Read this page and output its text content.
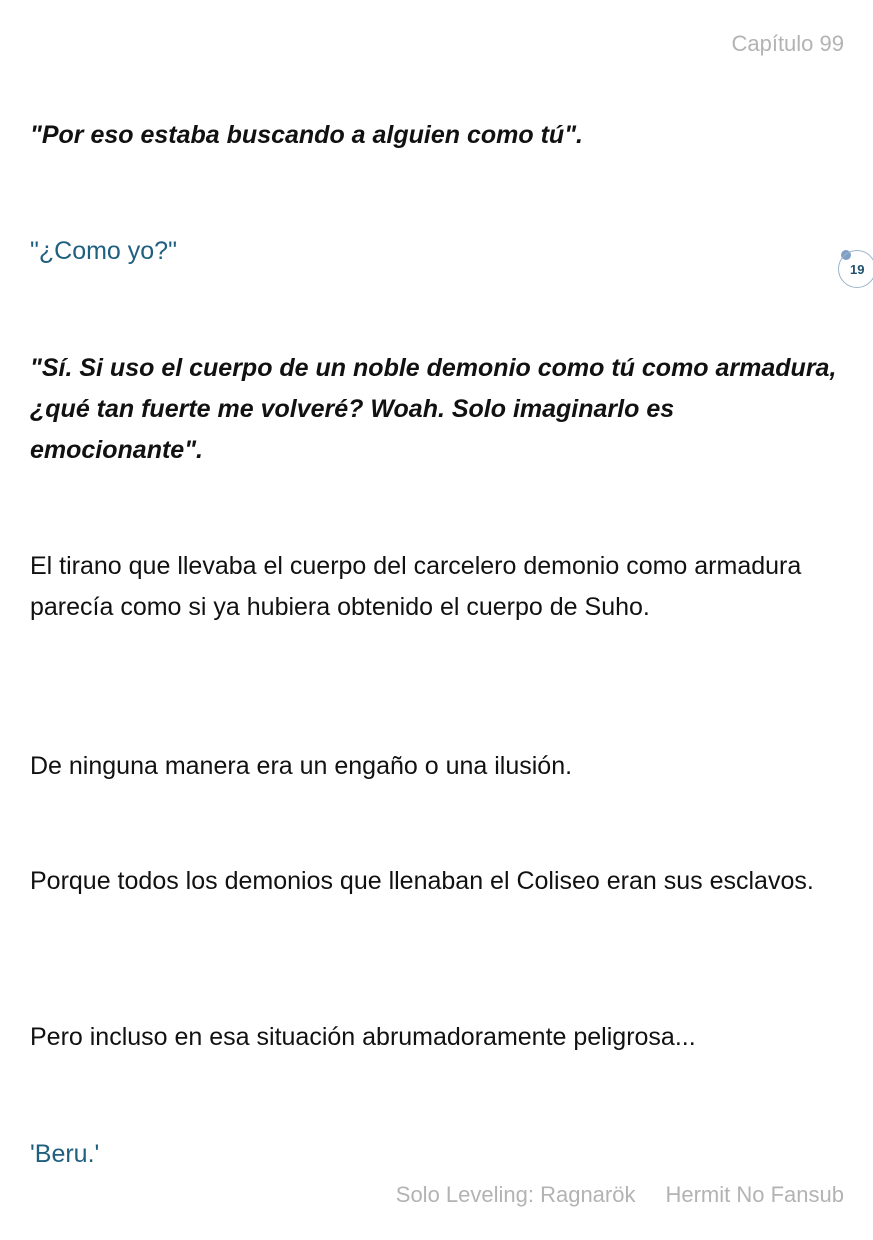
Capítulo 99

"Por eso estaba buscando a alguien como tú".

"¿Como yo?"

19

"Sí. Si uso el cuerpo de un noble demonio como tú como armadura, ¿qué tan fuerte me volveré? Woah. Solo imaginarlo es emocionante".

El tirano que llevaba el cuerpo del carcelero demonio como armadura parecía como si ya hubiera obtenido el cuerpo de Suho.

De ninguna manera era un engaño o una ilusión.

Porque todos los demonios que llenaban el Coliseo eran sus esclavos.

Pero incluso en esa situación abrumadoramente peligrosa...

'Beru.'

Solo Leveling: Ragnarök Hermit No Fansub
